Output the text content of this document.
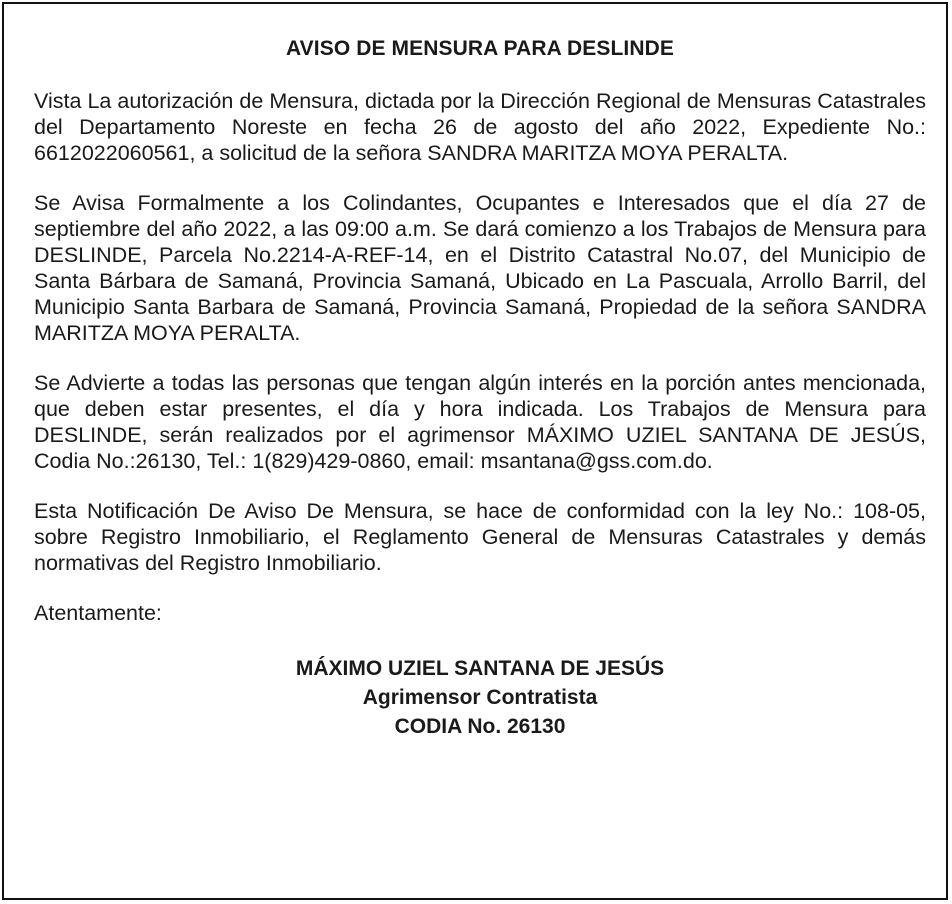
AVISO DE MENSURA PARA DESLINDE

Vista La autorización de Mensura, dictada por la Dirección Regional de Mensuras Catastrales del Departamento Noreste en fecha 26 de agosto del año 2022, Expediente No.: 6612022060561, a solicitud de la señora SANDRA MARITZA MOYA PERALTA.

Se Avisa Formalmente a los Colindantes, Ocupantes e Interesados que el día 27 de septiembre del año 2022, a las 09:00 a.m. Se dará comienzo a los Trabajos de Mensura para DESLINDE, Parcela No.2214-A-REF-14, en el Distrito Catastral No.07, del Municipio de Santa Bárbara de Samaná, Provincia Samaná, Ubicado en La Pascuala, Arrollo Barril, del Municipio Santa Barbara de Samaná, Provincia Samaná, Propiedad de la señora SANDRA MARITZA MOYA PERALTA.

Se Advierte a todas las personas que tengan algún interés en la porción antes mencionada, que deben estar presentes, el día y hora indicada. Los Trabajos de Mensura para DESLINDE, serán realizados por el agrimensor MÁXIMO UZIEL SANTANA DE JESÚS, Codia No.:26130, Tel.: 1(829)429-0860, email: msantana@gss.com.do.

Esta Notificación De Aviso De Mensura, se hace de conformidad con la ley No.: 108-05, sobre Registro Inmobiliario, el Reglamento General de Mensuras Catastrales y demás normativas del Registro Inmobiliario.

Atentamente:
MÁXIMO UZIEL SANTANA DE JESÚS
Agrimensor Contratista
CODIA No. 26130
